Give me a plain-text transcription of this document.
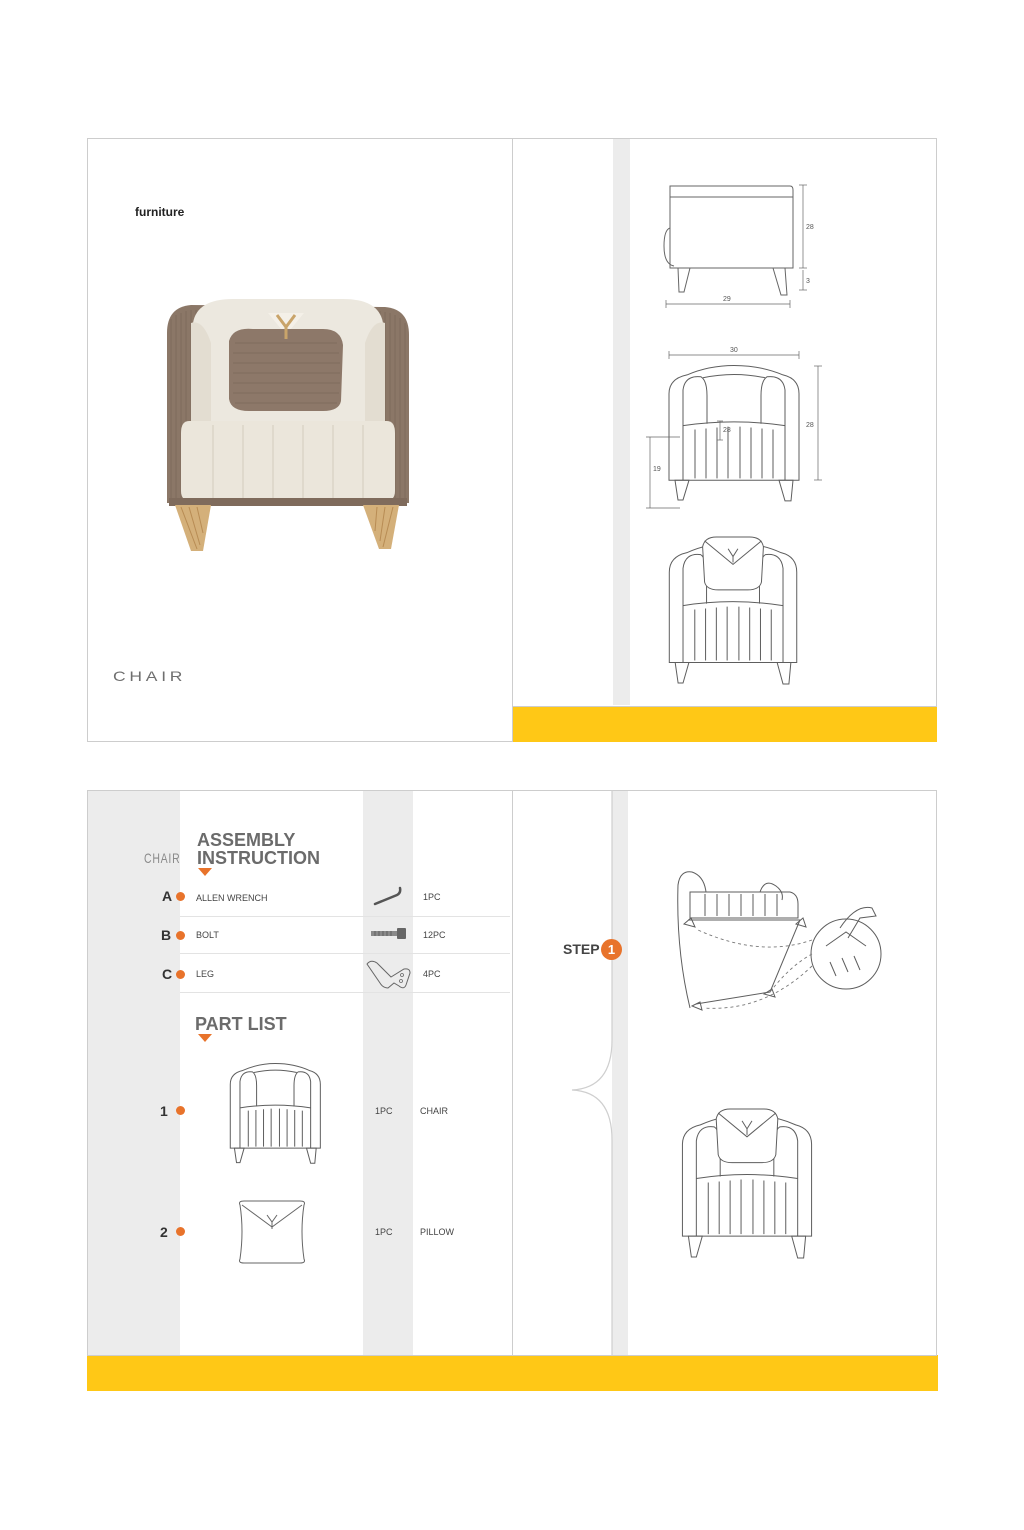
furniture
CHAIR
28
3
29
30
28
28
19
CHAIR
ASSEMBLY
INSTRUCTION
A	ALLEN WRENCH	1PC
B	BOLT	12PC
C	LEG	4PC
PART LIST
1	1PC	CHAIR
2	1PC	PILLOW
STEP 1
